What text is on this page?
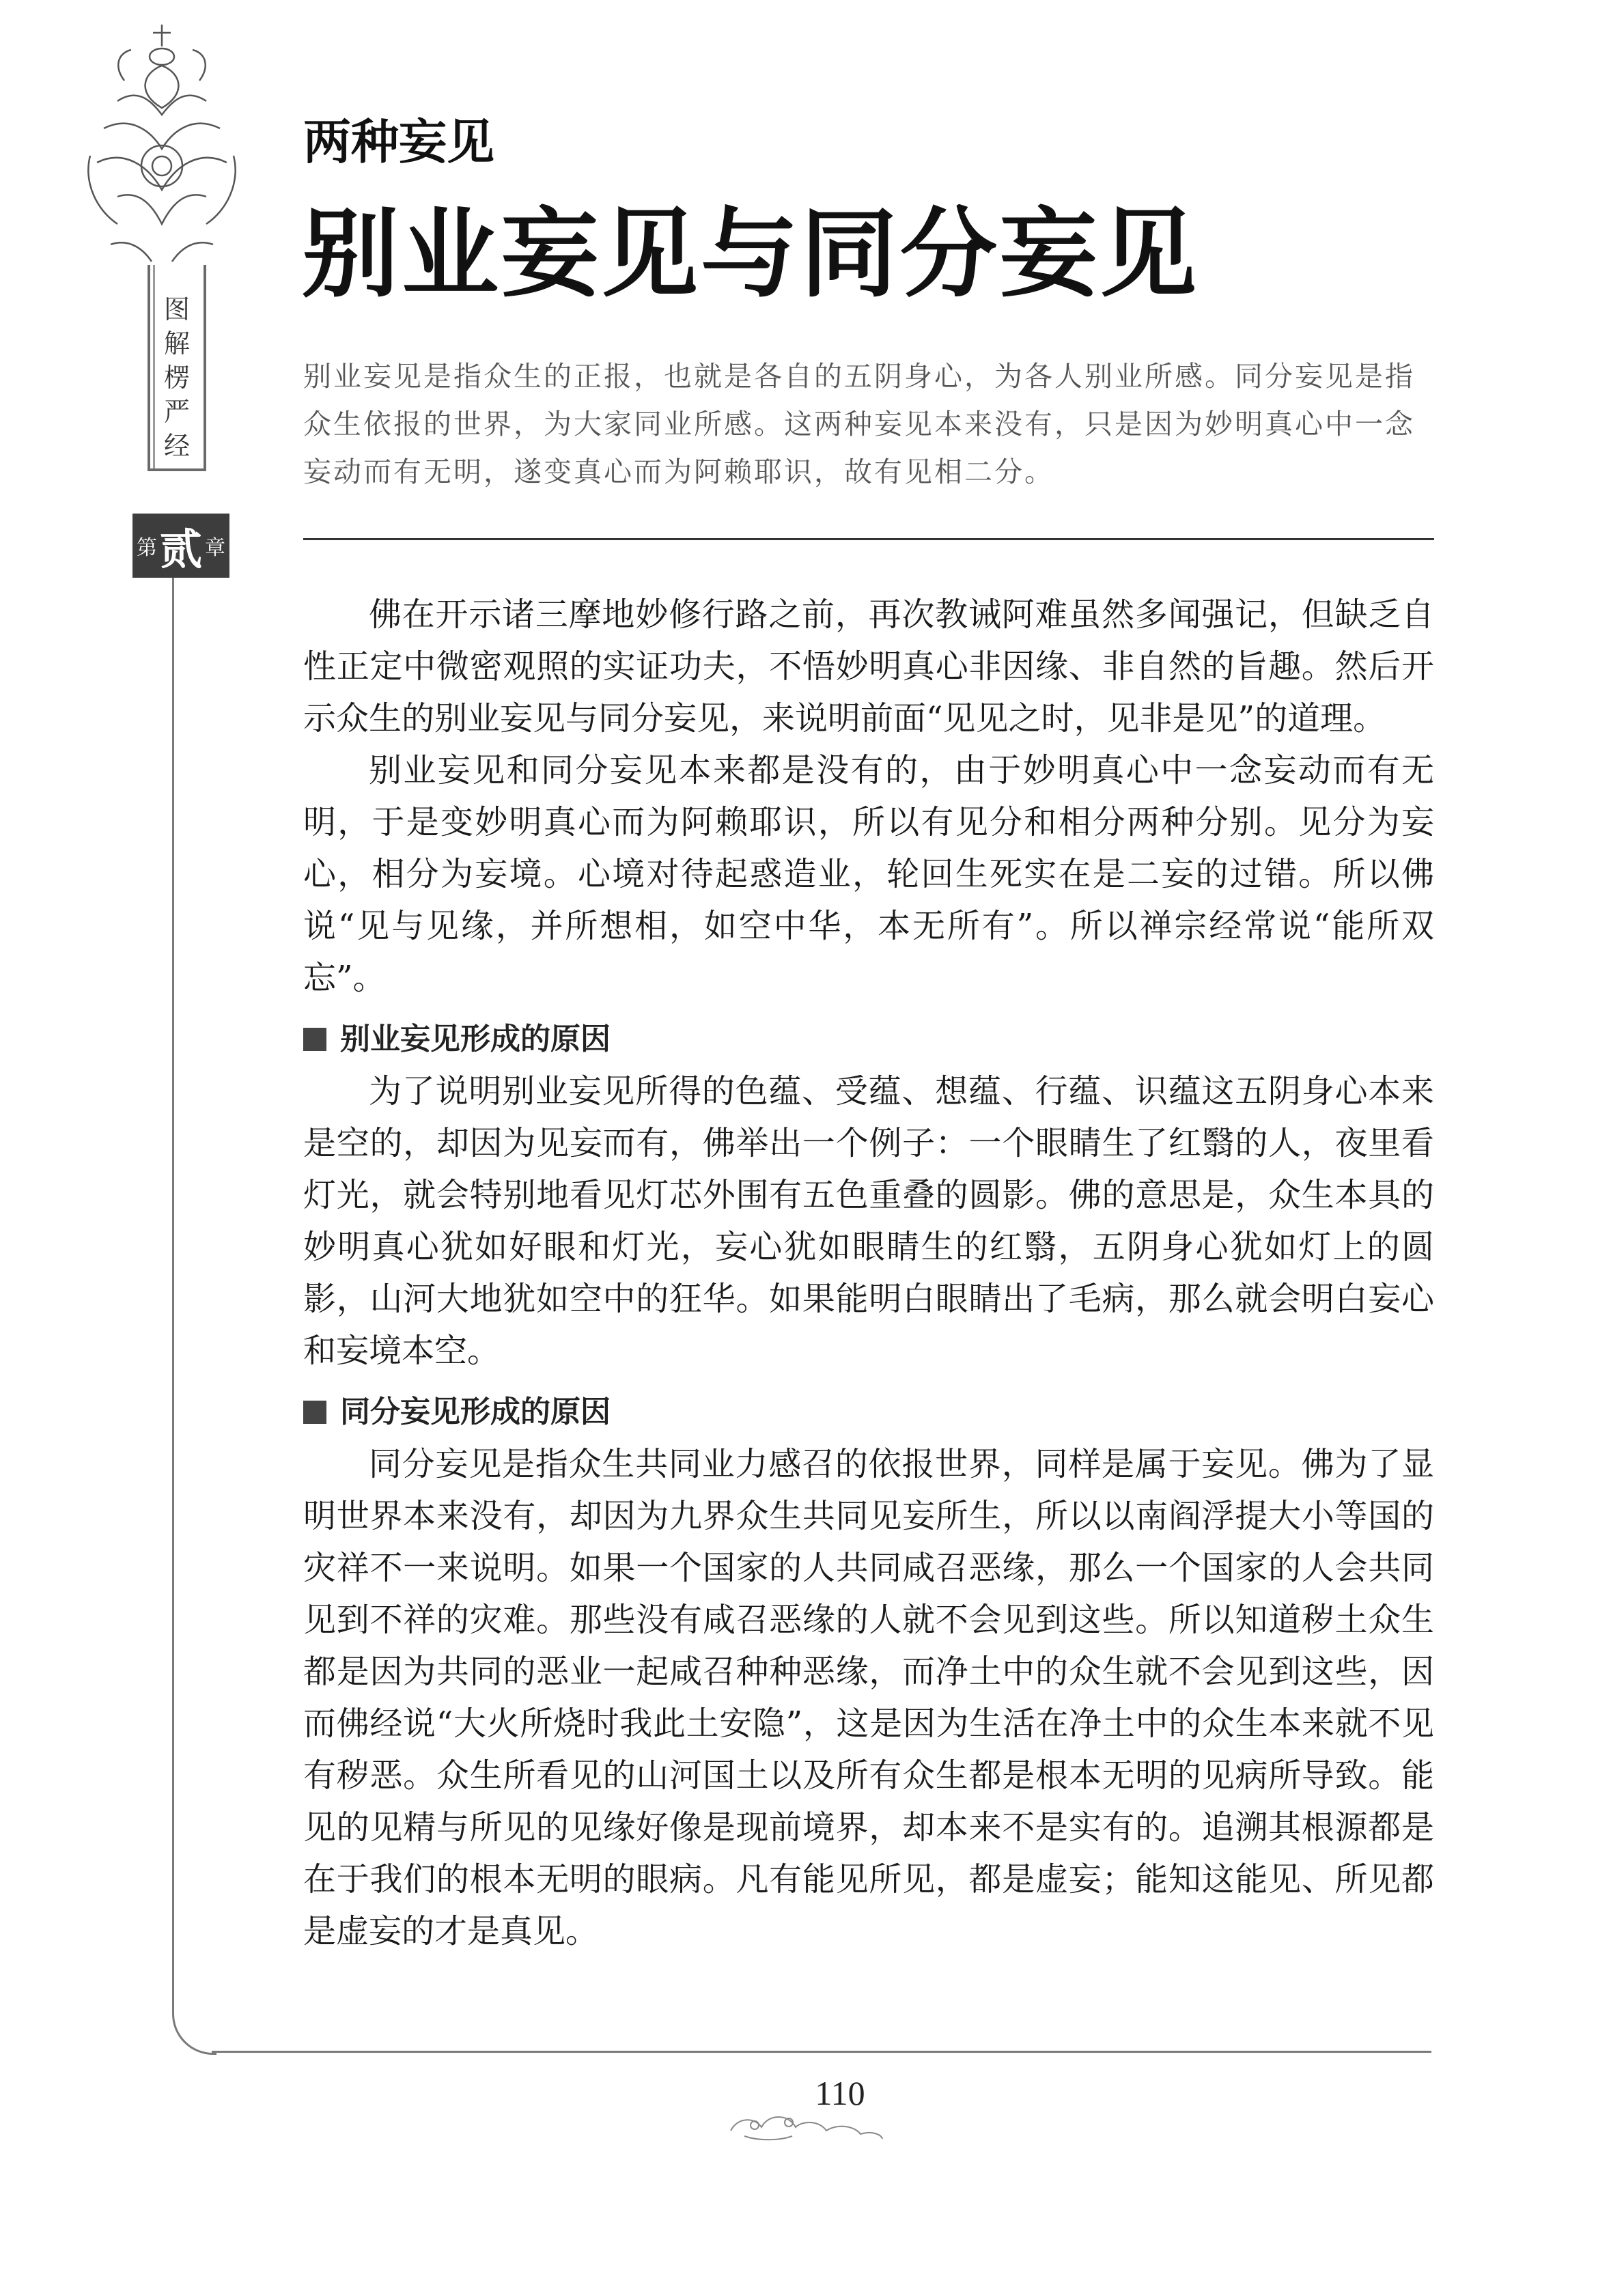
图
解
楞
严
经
第 贰 章
两种妄见
别业妄见与同分妄见

别业妄见是指众生的正报，也就是各自的五阴身心，为各人别业所感。同分妄见是指众生依报的世界，为大家同业所感。这两种妄见本来没有，只是因为妙明真心中一念妄动而有无明，遂变真心而为阿赖耶识，故有见相二分。

佛在开示诸三摩地妙修行路之前，再次教诫阿难虽然多闻强记，但缺乏自性正定中微密观照的实证功夫，不悟妙明真心非因缘、非自然的旨趣。然后开示众生的别业妄见与同分妄见，来说明前面“见见之时，见非是见”的道理。

别业妄见和同分妄见本来都是没有的，由于妙明真心中一念妄动而有无明，于是变妙明真心而为阿赖耶识，所以有见分和相分两种分别。见分为妄心，相分为妄境。心境对待起惑造业，轮回生死实在是二妄的过错。所以佛说“见与见缘，并所想相，如空中华，本无所有”。所以禅宗经常说“能所双忘”。

别业妄见形成的原因

为了说明别业妄见所得的色蕴、受蕴、想蕴、行蕴、识蕴这五阴身心本来是空的，却因为见妄而有，佛举出一个例子：一个眼睛生了红翳的人，夜里看灯光，就会特别地看见灯芯外围有五色重叠的圆影。佛的意思是，众生本具的妙明真心犹如好眼和灯光，妄心犹如眼睛生的红翳，五阴身心犹如灯上的圆影，山河大地犹如空中的狂华。如果能明白眼睛出了毛病，那么就会明白妄心和妄境本空。

同分妄见形成的原因

同分妄见是指众生共同业力感召的依报世界，同样是属于妄见。佛为了显明世界本来没有，却因为九界众生共同见妄所生，所以以南阎浮提大小等国的灾祥不一来说明。如果一个国家的人共同咸召恶缘，那么一个国家的人会共同见到不祥的灾难。那些没有咸召恶缘的人就不会见到这些。所以知道秽土众生都是因为共同的恶业一起咸召种种恶缘，而净土中的众生就不会见到这些，因而佛经说“大火所烧时我此土安隐”，这是因为生活在净土中的众生本来就不见有秽恶。众生所看见的山河国土以及所有众生都是根本无明的见病所导致。能见的见精与所见的见缘好像是现前境界，却本来不是实有的。追溯其根源都是在于我们的根本无明的眼病。凡有能见所见，都是虚妄；能知这能见、所见都是虚妄的才是真见。

110
